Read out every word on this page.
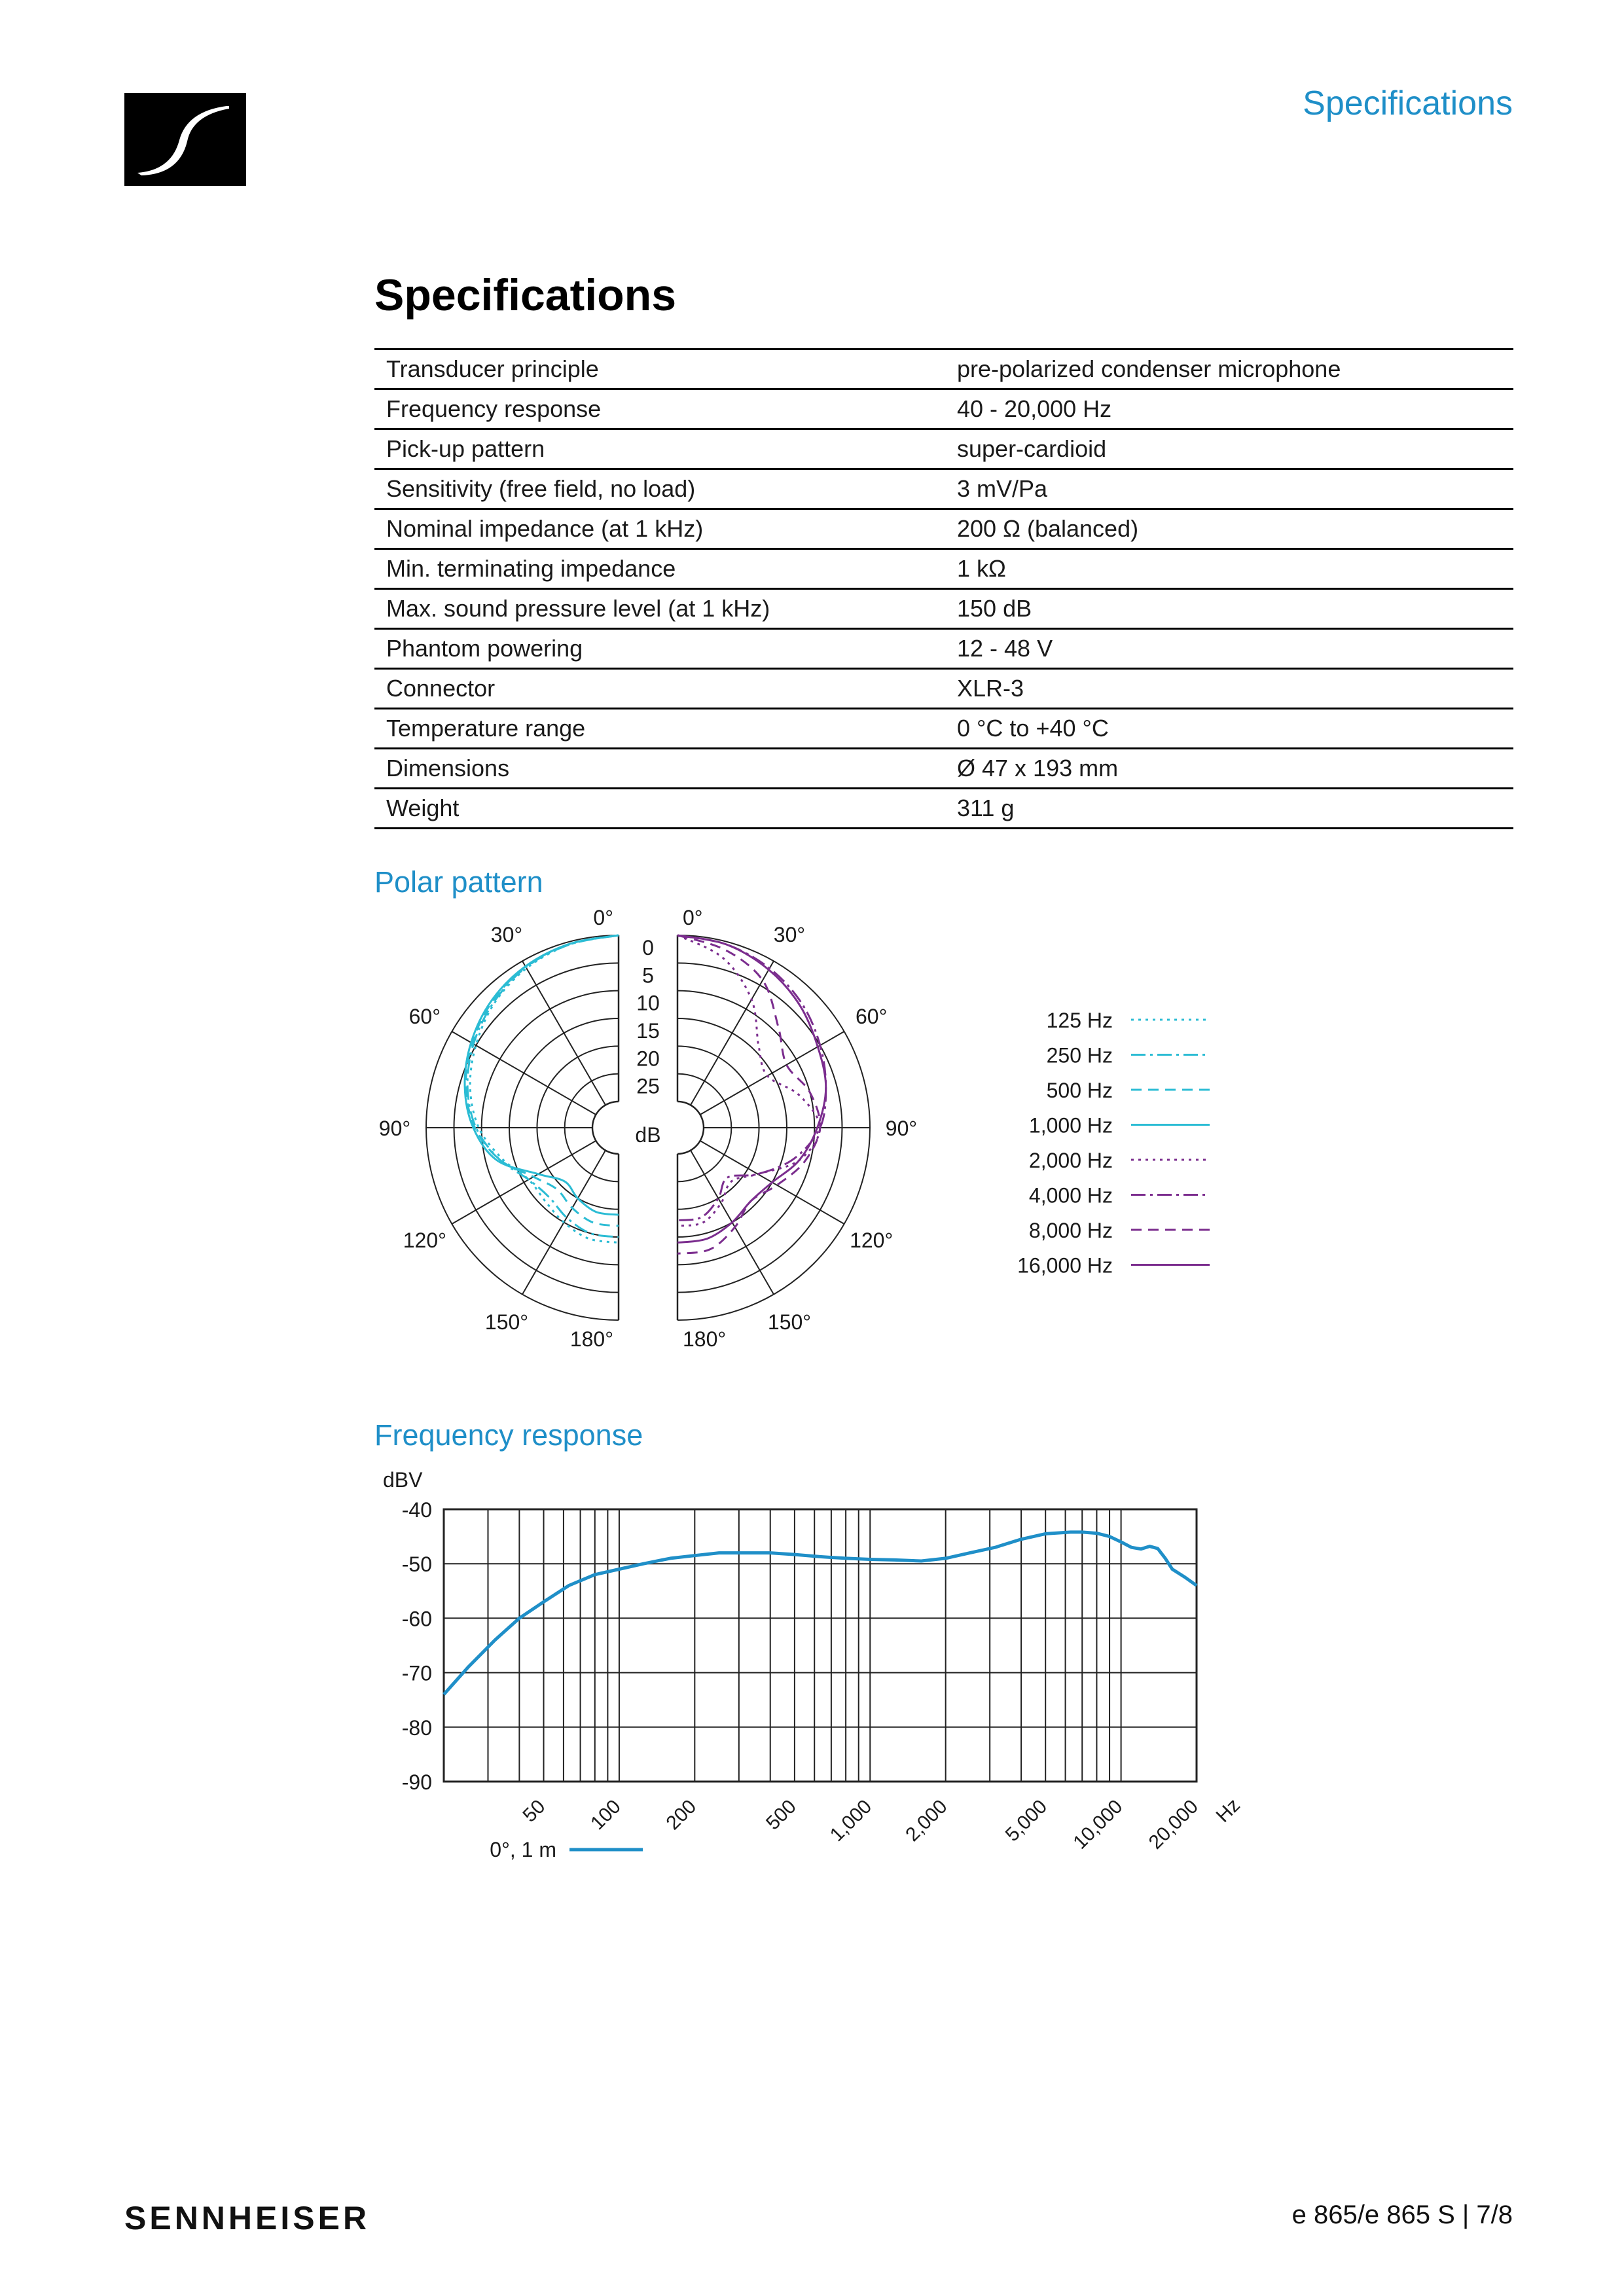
Specifications
Specifications
Transducer principle	pre-polarized condenser microphone
Frequency response	40 - 20,000 Hz
Pick-up pattern	super-cardioid
Sensitivity (free field, no load)	3 mV/Pa
Nominal impedance (at 1 kHz)	200 Ω (balanced)
Min. terminating impedance	1 kΩ
Max. sound pressure level (at 1 kHz)	150 dB
Phantom powering	12 - 48 V
Connector	XLR-3
Temperature range	0 °C to +40 °C
Dimensions	Ø 47 x 193 mm
Weight	311 g
Polar pattern
Frequency response
0°
30°
60°
90°
120°
150°
180°
0°
30°
60°
90°
120°
150°
180°
0
5
10
15
20
25
dB
125 Hz
250 Hz
500 Hz
1,000 Hz
2,000 Hz
4,000 Hz
8,000 Hz
16,000 Hz
-40
-50
-60
-70
-80
-90
dBV
50 100 200	500 1,000 2,000	5,000 10,000 20,000 Hz
0°, 1 m
SENNHEISER	e 865/e 865 S | 7/8
